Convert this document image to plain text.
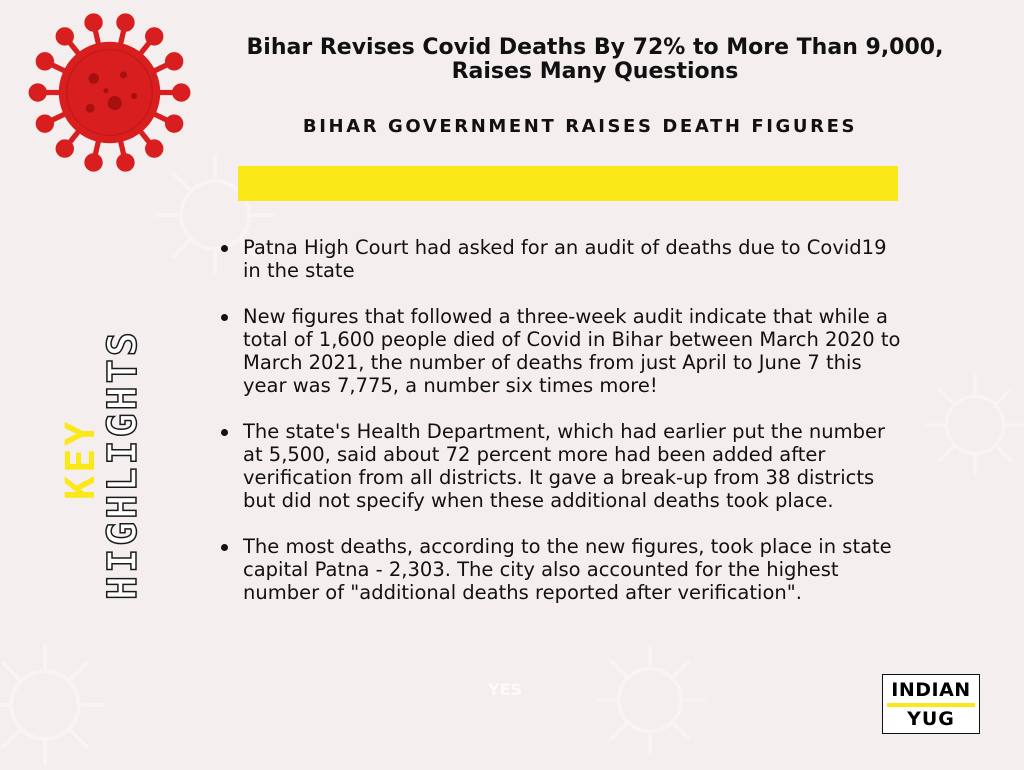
Bihar Revises Covid Deaths By 72% to More Than 9,000,
Raises Many Questions
BIHAR GOVERNMENT RAISES DEATH FIGURES
KEY
HIGHLIGHTS
Patna High Court had asked for an audit of deaths due to Covid19 in the state
New figures that followed a three-week audit indicate that while a total of 1,600 people died of Covid in Bihar between March 2020 to March 2021, the number of deaths from just April to June 7 this year was 7,775, a number six times more!
The state's Health Department, which had earlier put the number at 5,500, said about 72 percent more had been added after verification from all districts. It gave a break-up from 38 districts but did not specify when these additional deaths took place.
The most deaths, according to the new figures, took place in state capital Patna - 2,303. The city also accounted for the highest number of "additional deaths reported after verification".
YES	INDIAN
YUG
